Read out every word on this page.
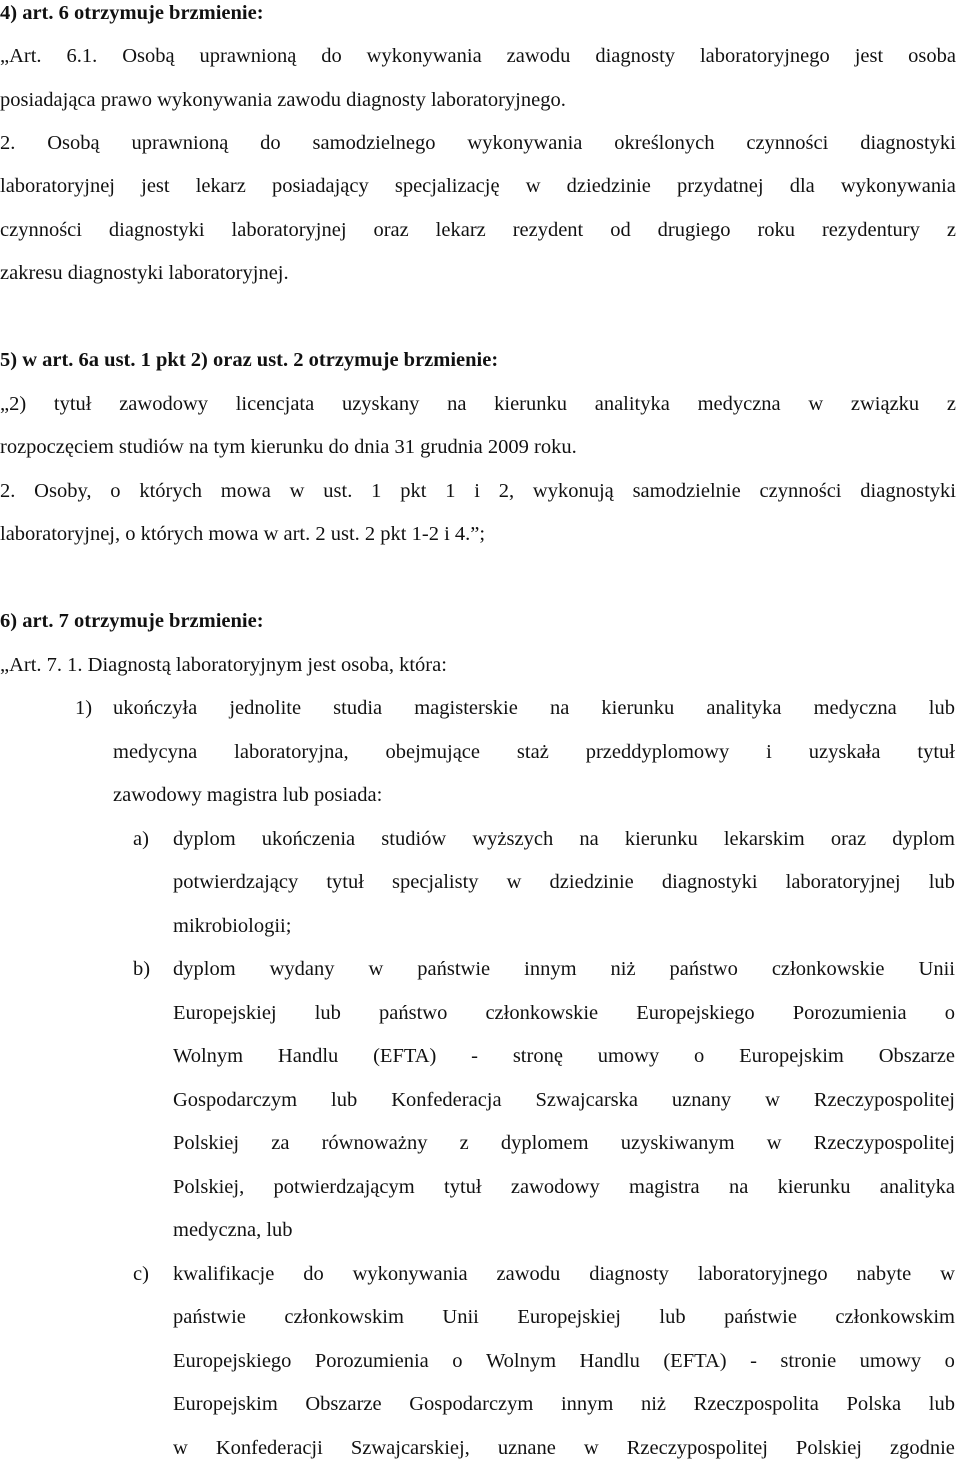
4) art. 6 otrzymuje brzmienie:
„Art. 6.1. Osobą uprawnioną do wykonywania zawodu diagnosty laboratoryjnego jest osoba
posiadająca prawo wykonywania zawodu diagnosty laboratoryjnego.
2. Osobą uprawnioną do samodzielnego wykonywania określonych czynności diagnostyki
laboratoryjnej jest lekarz posiadający specjalizację w dziedzinie przydatnej dla wykonywania
czynności diagnostyki laboratoryjnej oraz lekarz rezydent od drugiego roku rezydentury z
zakresu diagnostyki laboratoryjnej.
5) w art. 6a ust. 1 pkt 2) oraz ust. 2 otrzymuje brzmienie:
„2) tytuł zawodowy licencjata uzyskany na kierunku analityka medyczna w związku z
rozpoczęciem studiów na tym kierunku do dnia 31 grudnia 2009 roku.
2. Osoby, o których mowa w ust. 1 pkt 1 i 2, wykonują samodzielnie czynności diagnostyki
laboratoryjnej, o których mowa w art. 2 ust. 2 pkt 1-2 i 4.”;
6) art. 7 otrzymuje brzmienie:
„Art. 7. 1. Diagnostą laboratoryjnym jest osoba, która:
1) ukończyła jednolite studia magisterskie na kierunku analityka medyczna lub
medycyna laboratoryjna, obejmujące staż przeddyplomowy i uzyskała tytuł
zawodowy magistra lub posiada:
a) dyplom ukończenia studiów wyższych na kierunku lekarskim oraz dyplom
potwierdzający tytuł specjalisty w dziedzinie diagnostyki laboratoryjnej lub
mikrobiologii;
b) dyplom wydany w państwie innym niż państwo członkowskie Unii
Europejskiej lub państwo członkowskie Europejskiego Porozumienia o
Wolnym Handlu (EFTA) - stronę umowy o Europejskim Obszarze
Gospodarczym lub Konfederacja Szwajcarska uznany w Rzeczypospolitej
Polskiej za równoważny z dyplomem uzyskiwanym w Rzeczypospolitej
Polskiej, potwierdzającym tytuł zawodowy magistra na kierunku analityka
medyczna, lub
c) kwalifikacje do wykonywania zawodu diagnosty laboratoryjnego nabyte w
państwie członkowskim Unii Europejskiej lub państwie członkowskim
Europejskiego Porozumienia o Wolnym Handlu (EFTA) - stronie umowy o
Europejskim Obszarze Gospodarczym innym niż Rzeczpospolita Polska lub
w Konfederacji Szwajcarskiej, uznane w Rzeczypospolitej Polskiej zgodnie
